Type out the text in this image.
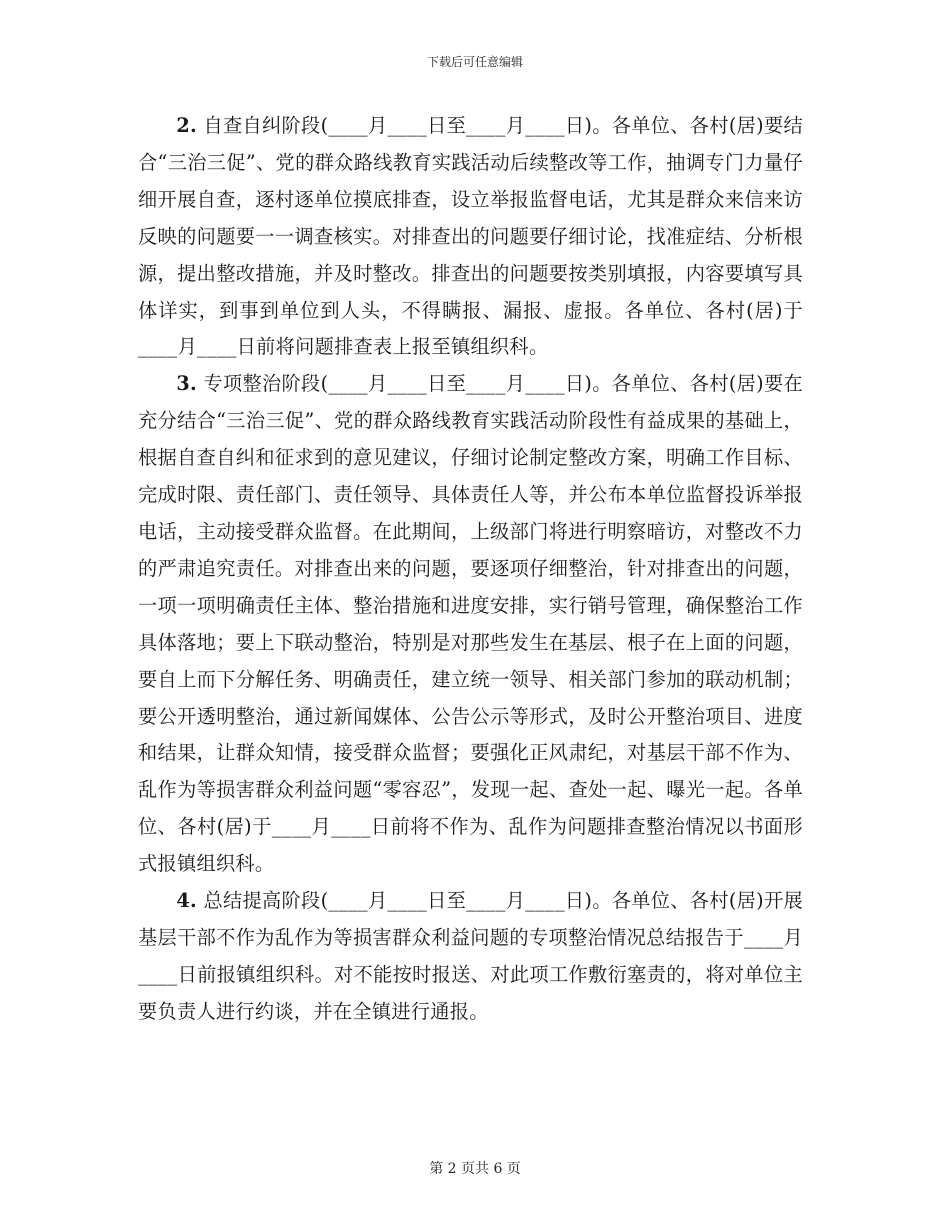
下载后可任意编辑

2. 自查自纠阶段(____月____日至____月____日)。各单位、各村(居)要结合“三治三促”、党的群众路线教育实践活动后续整改等工作，抽调专门力量仔细开展自查，逐村逐单位摸底排查，设立举报监督电话，尤其是群众来信来访反映的问题要一一调查核实。对排查出的问题要仔细讨论，找准症结、分析根源，提出整改措施，并及时整改。排查出的问题要按类别填报，内容要填写具体详实，到事到单位到人头，不得瞒报、漏报、虚报。各单位、各村(居)于____月____日前将问题排查表上报至镇组织科。

3. 专项整治阶段(____月____日至____月____日)。各单位、各村(居)要在充分结合“三治三促”、党的群众路线教育实践活动阶段性有益成果的基础上，根据自查自纠和征求到的意见建议，仔细讨论制定整改方案，明确工作目标、完成时限、责任部门、责任领导、具体责任人等，并公布本单位监督投诉举报电话，主动接受群众监督。在此期间，上级部门将进行明察暗访，对整改不力的严肃追究责任。对排查出来的问题，要逐项仔细整治，针对排查出的问题，一项一项明确责任主体、整治措施和进度安排，实行销号管理，确保整治工作具体落地；要上下联动整治，特别是对那些发生在基层、根子在上面的问题，要自上而下分解任务、明确责任，建立统一领导、相关部门参加的联动机制；要公开透明整治，通过新闻媒体、公告公示等形式，及时公开整治项目、进度和结果，让群众知情，接受群众监督；要强化正风肃纪，对基层干部不作为、乱作为等损害群众利益问题“零容忍”，发现一起、查处一起、曝光一起。各单位、各村(居)于____月____日前将不作为、乱作为问题排查整治情况以书面形式报镇组织科。

4. 总结提高阶段(____月____日至____月____日)。各单位、各村(居)开展基层干部不作为乱作为等损害群众利益问题的专项整治情况总结报告于____月____日前报镇组织科。对不能按时报送、对此项工作敷衍塞责的，将对单位主要负责人进行约谈，并在全镇进行通报。

第 2 页共 6 页
